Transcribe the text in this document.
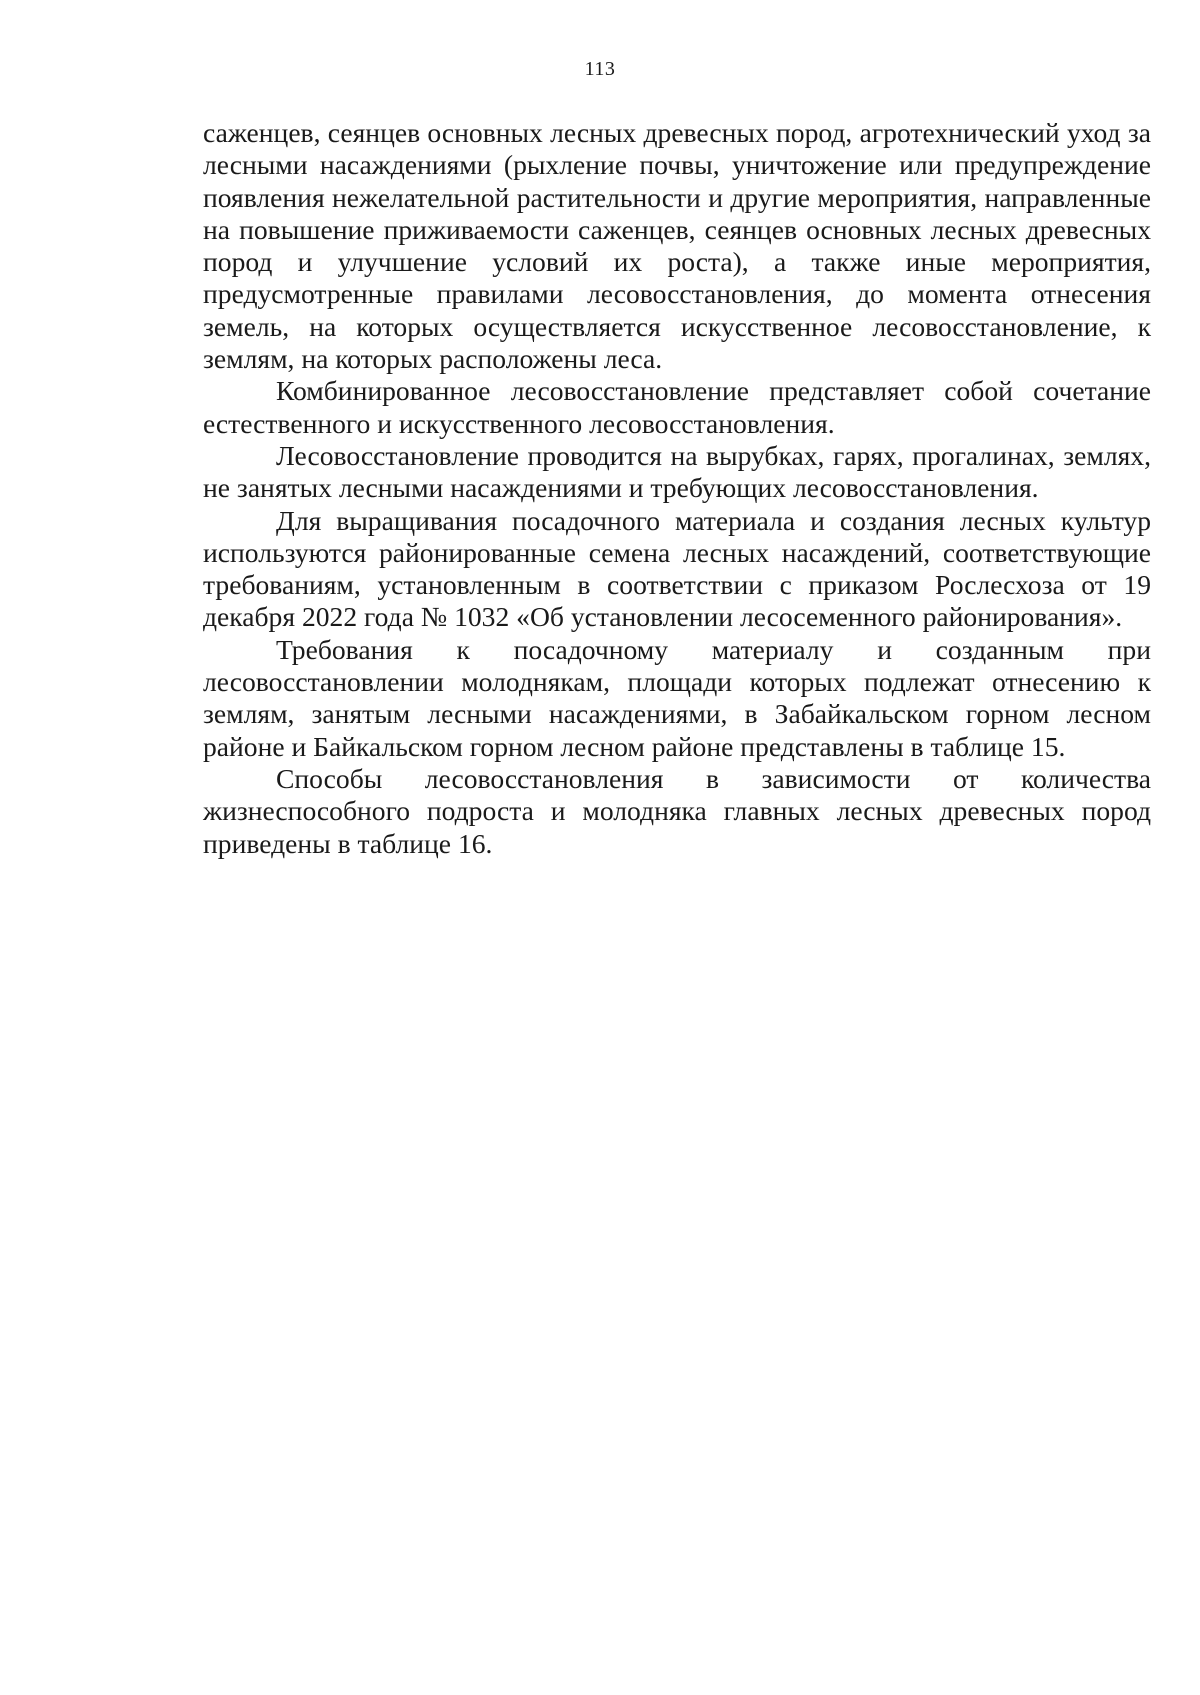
113

саженцев, сеянцев основных лесных древесных пород, агротехнический уход за лесными насаждениями (рыхление почвы, уничтожение или предупреждение появления нежелательной растительности и другие мероприятия, направленные на повышение приживаемости саженцев, сеянцев основных лесных древесных пород и улучшение условий их роста), а также иные мероприятия, предусмотренные правилами лесовосстановления, до момента отнесения земель, на которых осуществляется искусственное лесовосстановление, к землям, на которых расположены леса.

Комбинированное лесовосстановление представляет собой сочетание естественного и искусственного лесовосстановления.

Лесовосстановление проводится на вырубках, гарях, прогалинах, землях, не занятых лесными насаждениями и требующих лесовосстановления.

Для выращивания посадочного материала и создания лесных культур используются районированные семена лесных насаждений, соответствующие требованиям, установленным в соответствии с приказом Рослесхоза от 19 декабря 2022 года № 1032 «Об установлении лесосеменного районирования».

Требования к посадочному материалу и созданным при лесовосстановлении молоднякам, площади которых подлежат отнесению к землям, занятым лесными насаждениями, в Забайкальском горном лесном районе и Байкальском горном лесном районе представлены в таблице 15.

Способы лесовосстановления в зависимости от количества жизнеспособного подроста и молодняка главных лесных древесных пород приведены в таблице 16.
